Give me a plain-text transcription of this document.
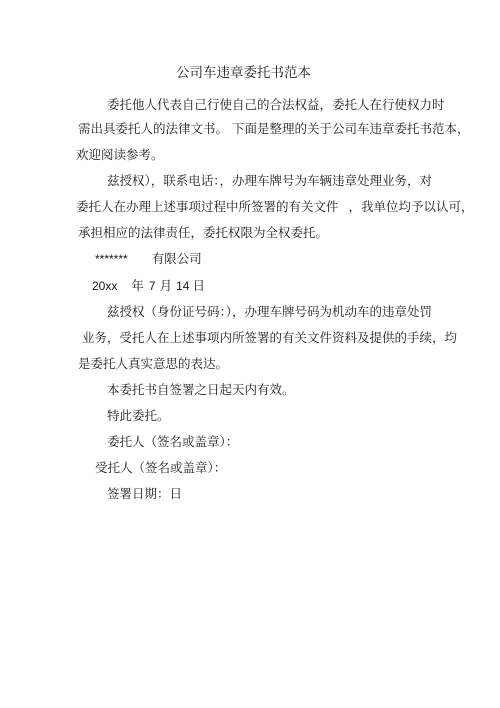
公司车违章委托书范本
委托他人代表自己行使自己的合法权益，委托人在行使权力时
需出具委托人的法律文书。 下面是整理的关于公司车违章委托书范本，
欢迎阅读参考。
兹授权），联系电话：，办理车牌号为车辆违章处理业务，对
委托人在办理上述事项过程中所签署的有关文件 ，我单位均予以认可，
承担相应的法律责任，委托权限为全权委托。
******* 有限公司
20xx 年 7 月 14 日
兹授权（身份证号码：），办理车牌号码为机动车的违章处罚
业务，受托人在上述事项内所签署的有关文件资料及提供的手续，均
是委托人真实意思的表达。
本委托书自签署之日起天内有效。
特此委托。
委托人（签名或盖章）：
受托人（签名或盖章）：
签署日期：日
